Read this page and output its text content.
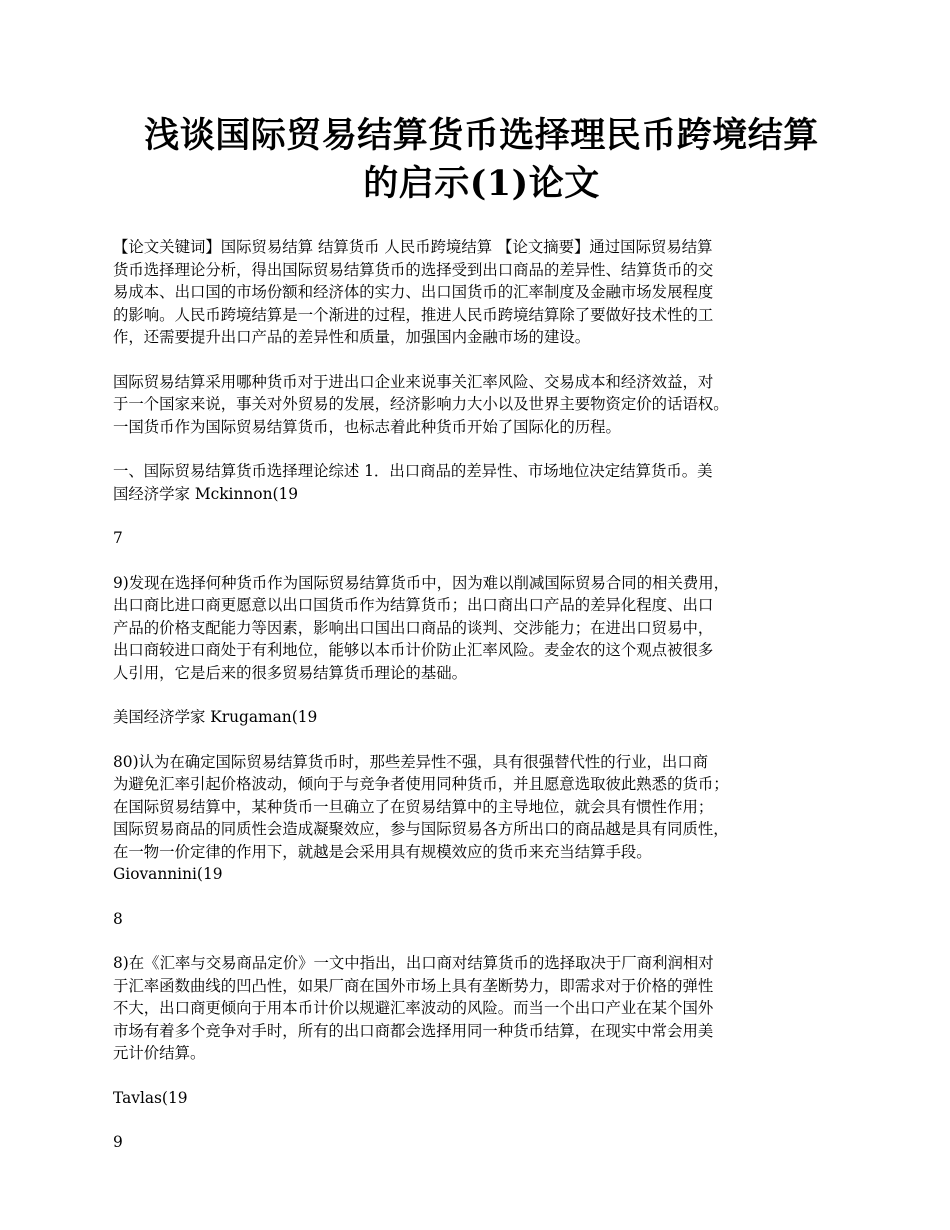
浅谈国际贸易结算货币选择理民币跨境结算
的启示(1)论文

【论文关键词】国际贸易结算 结算货币 人民币跨境结算 【论文摘要】通过国际贸易结算
货币选择理论分析，得出国际贸易结算货币的选择受到出口商品的差异性、结算货币的交
易成本、出口国的市场份额和经济体的实力、出口国货币的汇率制度及金融市场发展程度
的影响。人民币跨境结算是一个渐进的过程，推进人民币跨境结算除了要做好技术性的工
作，还需要提升出口产品的差异性和质量，加强国内金融市场的建设。

国际贸易结算采用哪种货币对于进出口企业来说事关汇率风险、交易成本和经济效益，对
于一个国家来说，事关对外贸易的发展，经济影响力大小以及世界主要物资定价的话语权。
一国货币作为国际贸易结算货币，也标志着此种货币开始了国际化的历程。

一、国际贸易结算货币选择理论综述 1．出口商品的差异性、市场地位决定结算货币。美
国经济学家 Mckinnon(19

7

9)发现在选择何种货币作为国际贸易结算货币中，因为难以削减国际贸易合同的相关费用，
出口商比进口商更愿意以出口国货币作为结算货币；出口商出口产品的差异化程度、出口
产品的价格支配能力等因素，影响出口国出口商品的谈判、交涉能力；在进出口贸易中，
出口商较进口商处于有利地位，能够以本币计价防止汇率风险。麦金农的这个观点被很多
人引用，它是后来的很多贸易结算货币理论的基础。

美国经济学家 Krugaman(19

80)认为在确定国际贸易结算货币时，那些差异性不强，具有很强替代性的行业，出口商
为避免汇率引起价格波动，倾向于与竞争者使用同种货币，并且愿意选取彼此熟悉的货币；
在国际贸易结算中，某种货币一旦确立了在贸易结算中的主导地位，就会具有惯性作用；
国际贸易商品的同质性会造成凝聚效应，参与国际贸易各方所出口的商品越是具有同质性，
在一物一价定律的作用下，就越是会采用具有规模效应的货币来充当结算手段。
Giovannini(19

8

8)在《汇率与交易商品定价》一文中指出，出口商对结算货币的选择取决于厂商利润相对
于汇率函数曲线的凹凸性，如果厂商在国外市场上具有垄断势力，即需求对于价格的弹性
不大，出口商更倾向于用本币计价以规避汇率波动的风险。而当一个出口产业在某个国外
市场有着多个竞争对手时，所有的出口商都会选择用同一种货币结算，在现实中常会用美
元计价结算。

Tavlas(19

9
